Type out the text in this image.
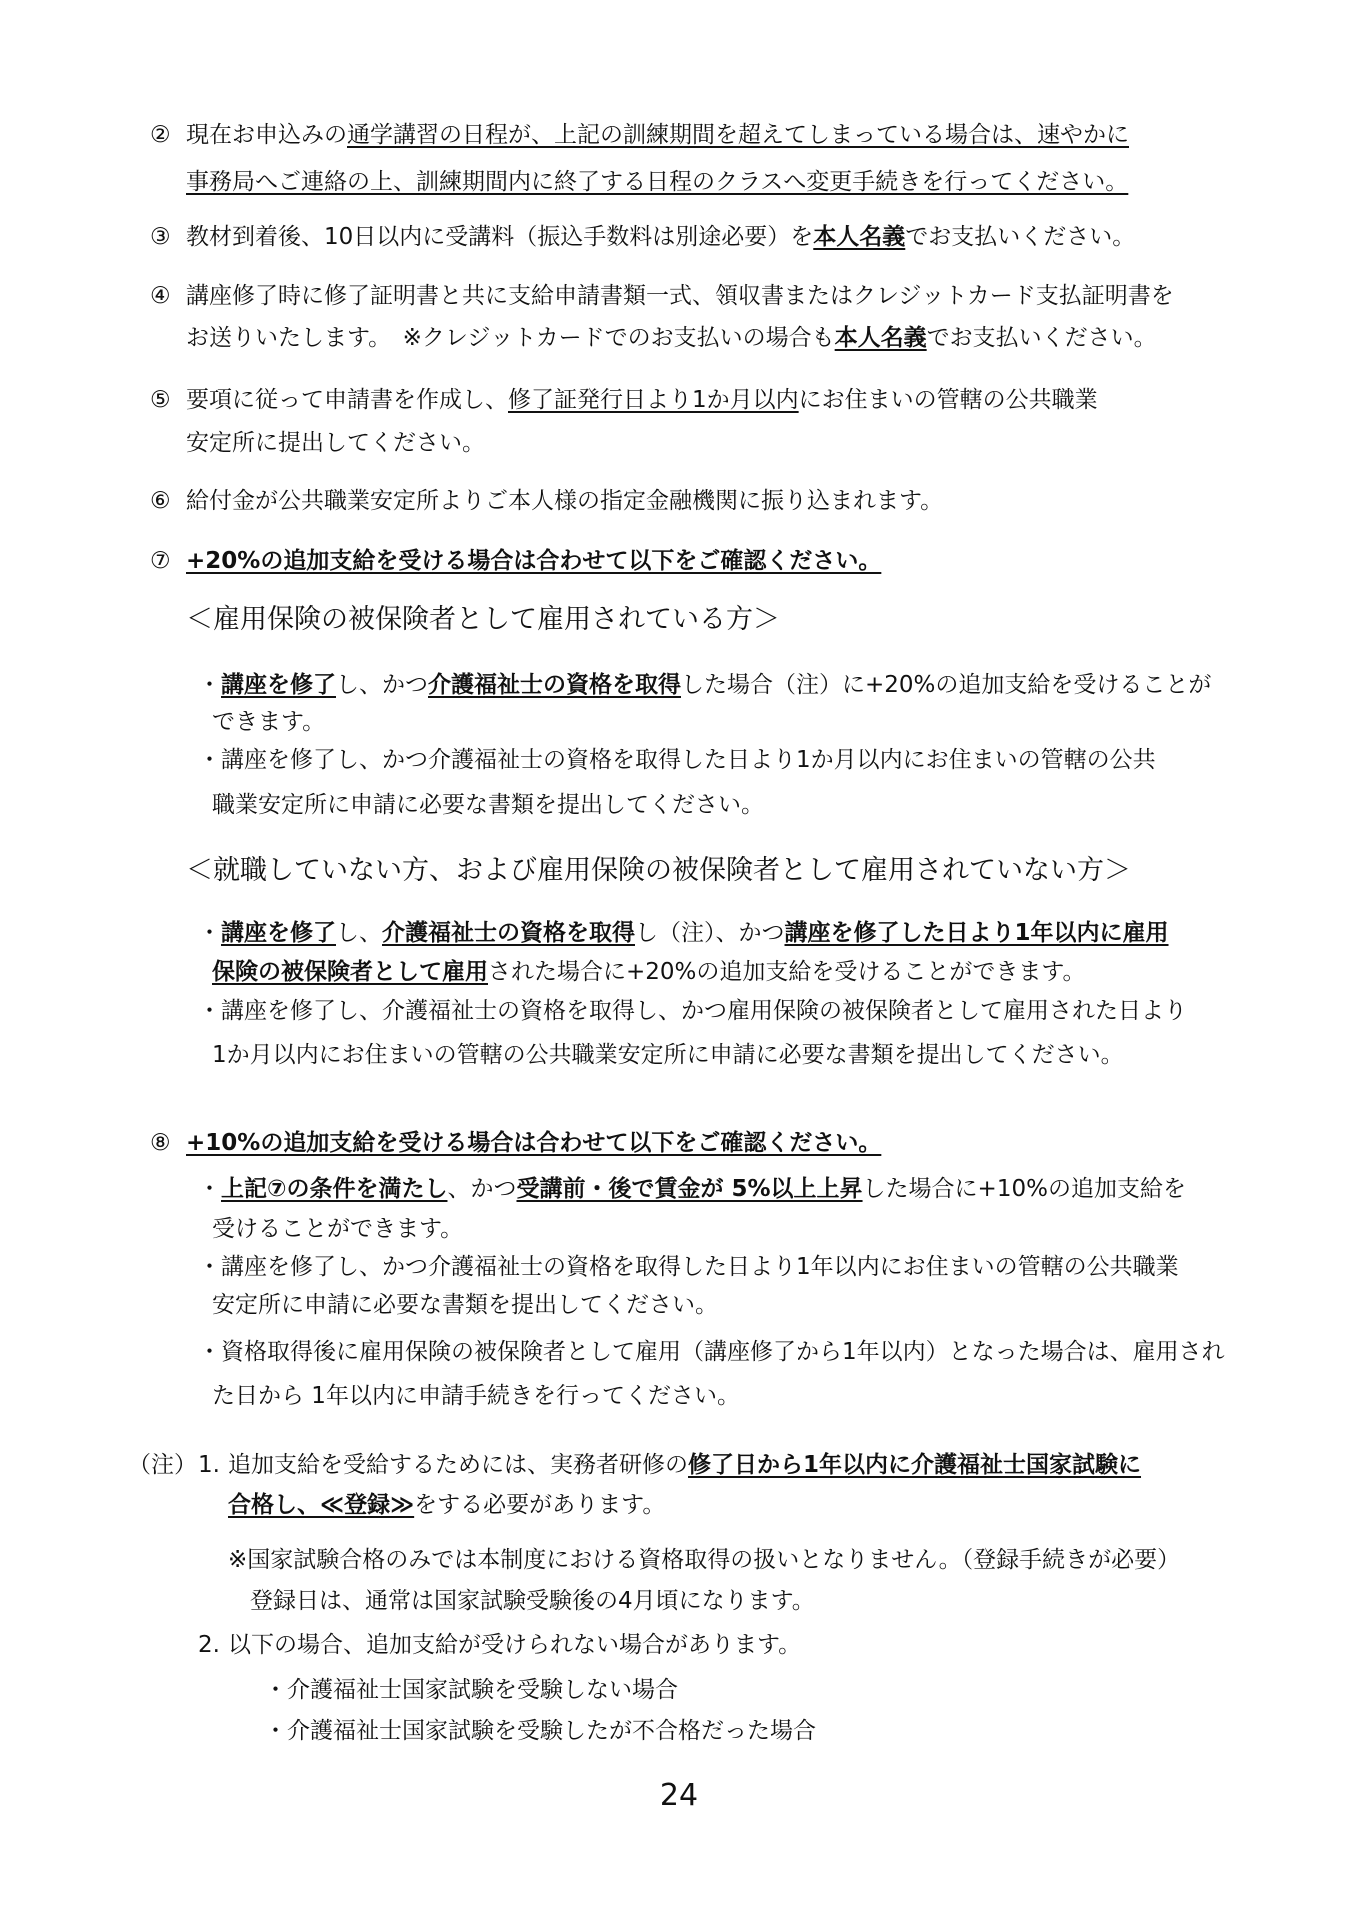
② 現在お申込みの通学講習の日程が、上記の訓練期間を超えてしまっている場合は、速やかに
事務局へご連絡の上、訓練期間内に終了する日程のクラスへ変更手続きを行ってください。
③ 教材到着後、10日以内に受講料（振込手数料は別途必要）を本人名義でお支払いください。
④ 講座修了時に修了証明書と共に支給申請書類一式、領収書またはクレジットカード支払証明書を
お送りいたします。　※クレジットカードでのお支払いの場合も本人名義でお支払いください。
⑤ 要項に従って申請書を作成し、修了証発行日より1か月以内にお住まいの管轄の公共職業
安定所に提出してください。
⑥ 給付金が公共職業安定所よりご本人様の指定金融機関に振り込まれます。
⑦ +20%の追加支給を受ける場合は合わせて以下をご確認ください。
＜雇用保険の被保険者として雇用されている方＞
・講座を修了し、かつ介護福祉士の資格を取得した場合（注）に+20%の追加支給を受けることが
できます。
・講座を修了し、かつ介護福祉士の資格を取得した日より1か月以内にお住まいの管轄の公共
職業安定所に申請に必要な書類を提出してください。
＜就職していない方、および雇用保険の被保険者として雇用されていない方＞
・講座を修了し、介護福祉士の資格を取得し（注）、かつ講座を修了した日より1年以内に雇用
保険の被保険者として雇用された場合に+20%の追加支給を受けることができます。
・講座を修了し、介護福祉士の資格を取得し、かつ雇用保険の被保険者として雇用された日より
1か月以内にお住まいの管轄の公共職業安定所に申請に必要な書類を提出してください。
⑧ +10%の追加支給を受ける場合は合わせて以下をご確認ください。
・上記⑦の条件を満たし、かつ受講前・後で賃金が 5%以上上昇した場合に+10%の追加支給を
受けることができます。
・講座を修了し、かつ介護福祉士の資格を取得した日より1年以内にお住まいの管轄の公共職業
安定所に申請に必要な書類を提出してください。
・資格取得後に雇用保険の被保険者として雇用（講座修了から1年以内）となった場合は、雇用され
た日から 1年以内に申請手続きを行ってください。
（注）1. 追加支給を受給するためには、実務者研修の修了日から1年以内に介護福祉士国家試験に
合格し、≪登録≫をする必要があります。
※国家試験合格のみでは本制度における資格取得の扱いとなりません。（登録手続きが必要）
登録日は、通常は国家試験受験後の4月頃になります。
2. 以下の場合、追加支給が受けられない場合があります。
・介護福祉士国家試験を受験しない場合
・介護福祉士国家試験を受験したが不合格だった場合
24
